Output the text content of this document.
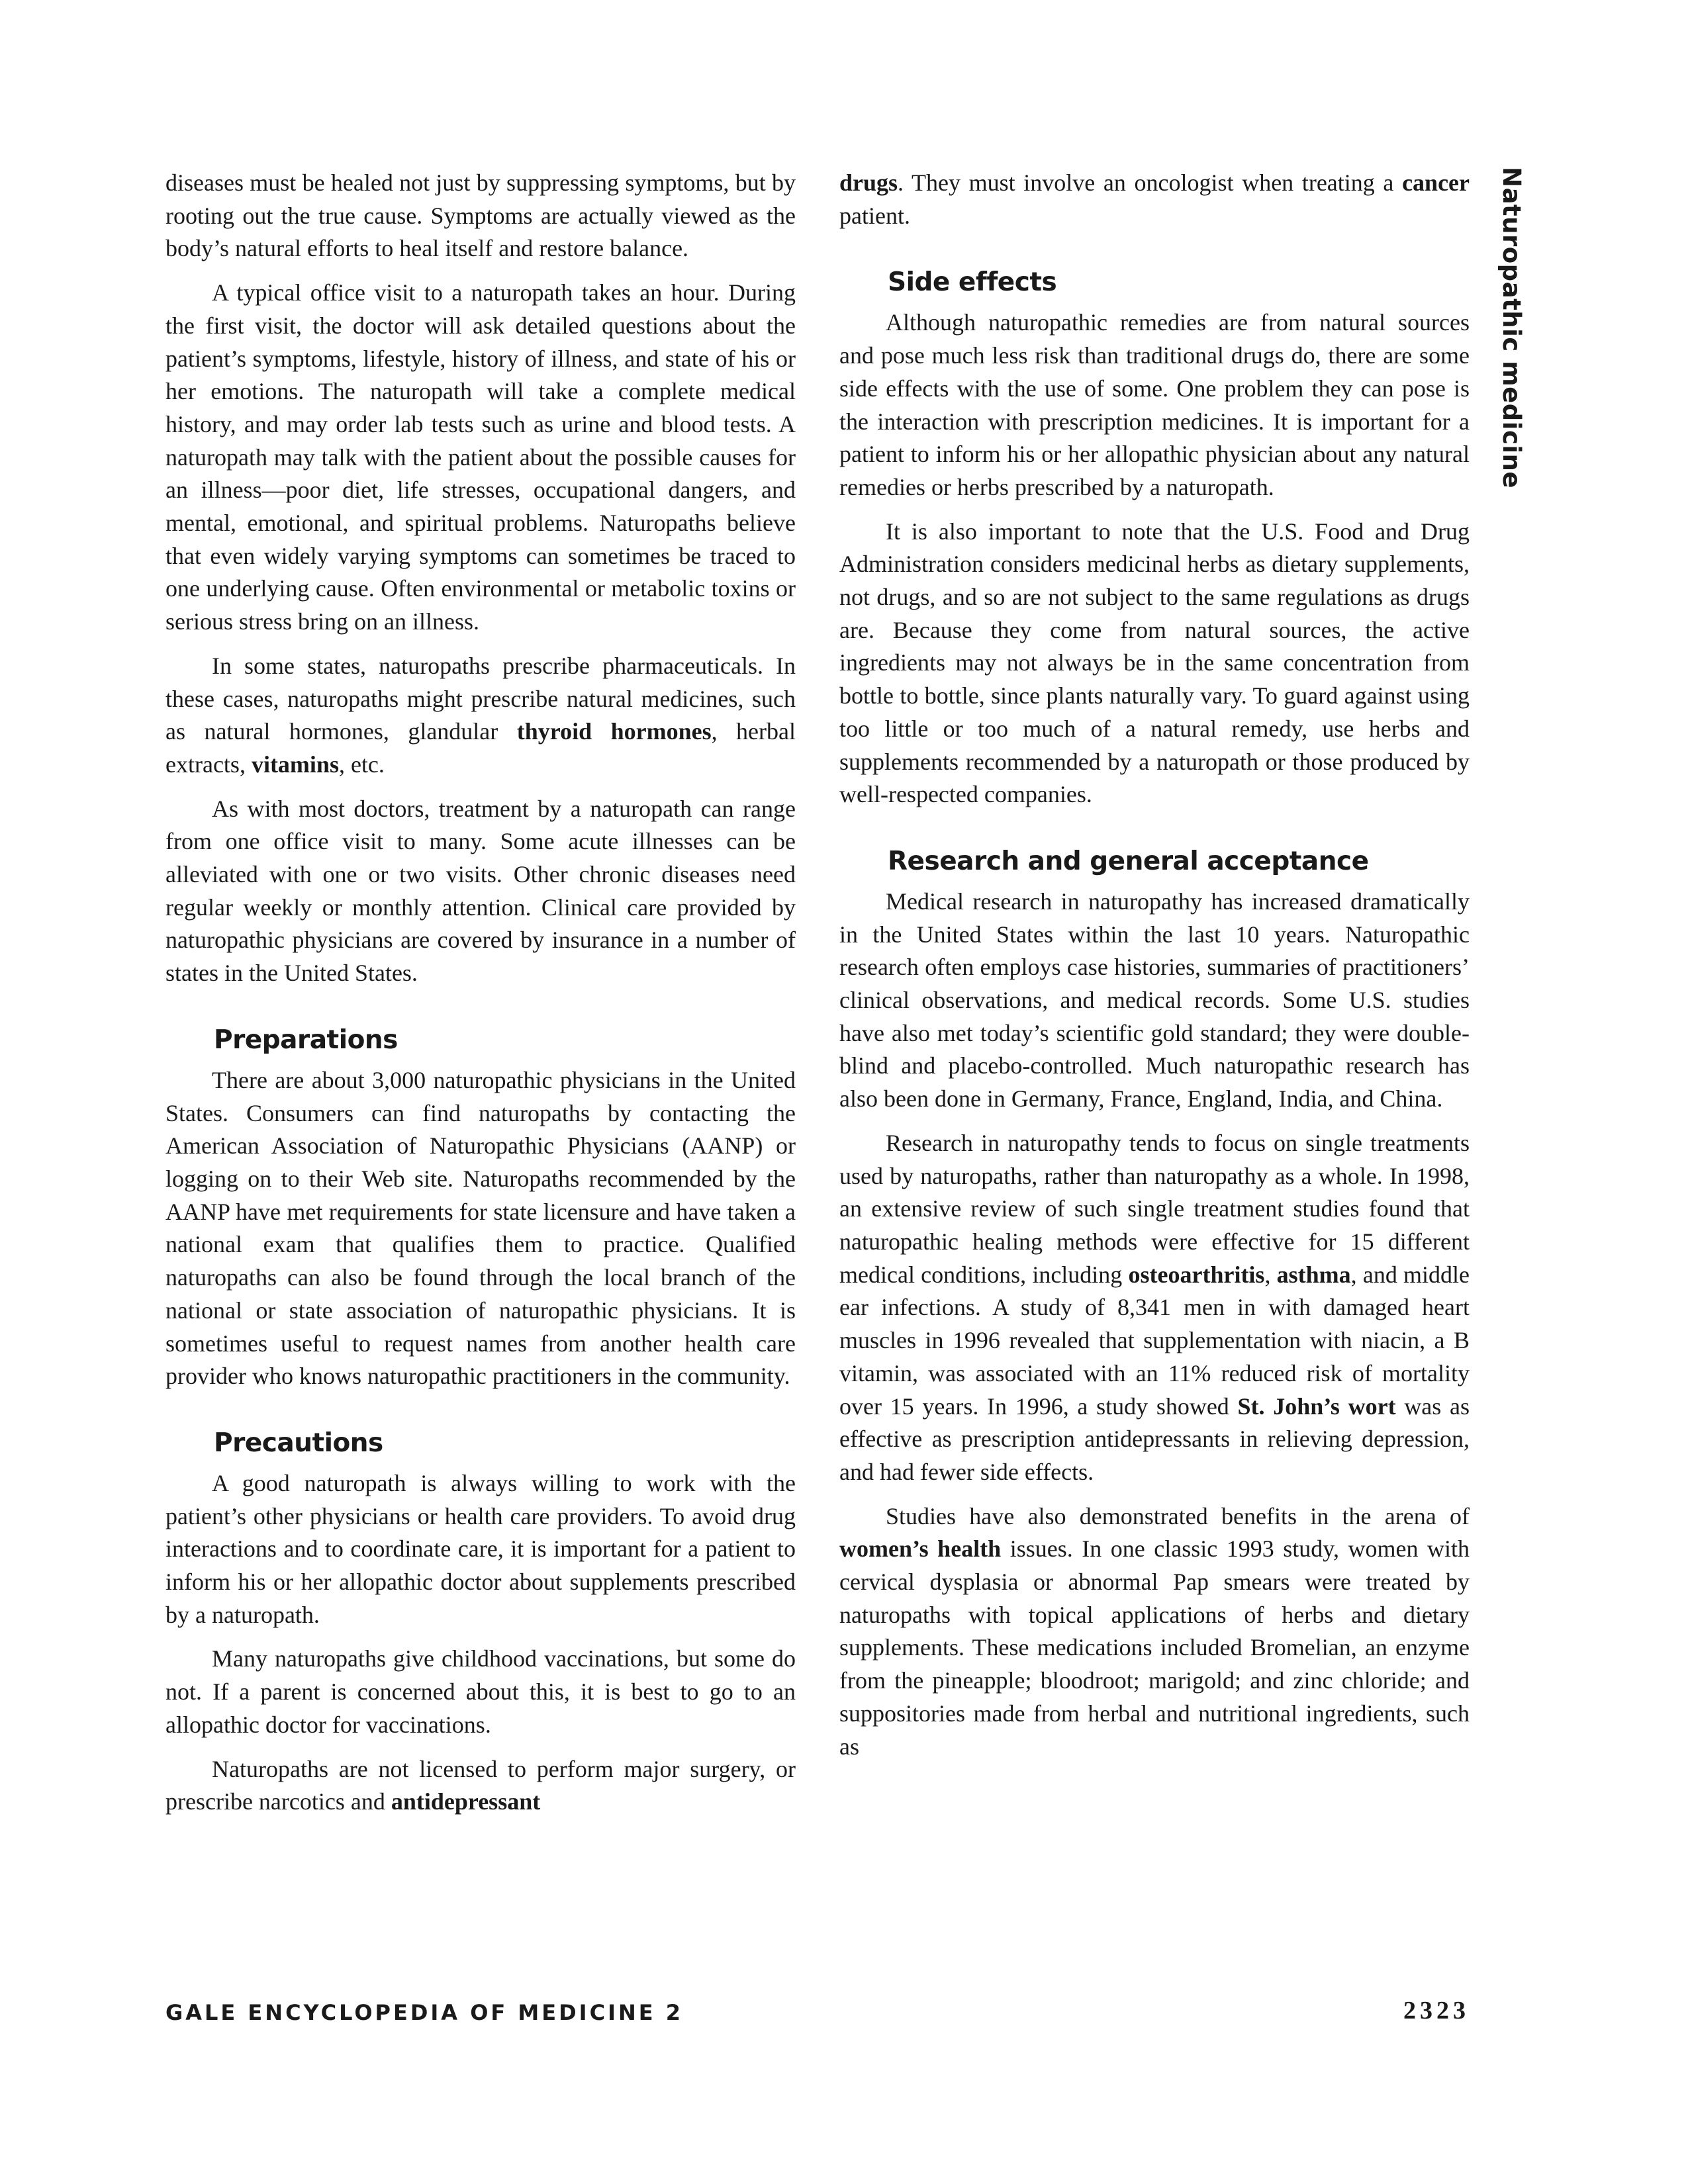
Naturopathic medicine

diseases must be healed not just by suppressing symptoms, but by rooting out the true cause. Symptoms are actually viewed as the body’s natural efforts to heal itself and restore balance.

A typical office visit to a naturopath takes an hour. During the first visit, the doctor will ask detailed questions about the patient’s symptoms, lifestyle, history of illness, and state of his or her emotions. The naturopath will take a complete medical history, and may order lab tests such as urine and blood tests. A naturopath may talk with the patient about the possible causes for an illness—poor diet, life stresses, occupational dangers, and mental, emotional, and spiritual problems. Naturopaths believe that even widely varying symptoms can sometimes be traced to one underlying cause. Often environmental or metabolic toxins or serious stress bring on an illness.

In some states, naturopaths prescribe pharmaceuticals. In these cases, naturopaths might prescribe natural medicines, such as natural hormones, glandular thyroid hormones, herbal extracts, vitamins, etc.

As with most doctors, treatment by a naturopath can range from one office visit to many. Some acute illnesses can be alleviated with one or two visits. Other chronic diseases need regular weekly or monthly attention. Clinical care provided by naturopathic physicians are covered by insurance in a number of states in the United States.

Preparations

There are about 3,000 naturopathic physicians in the United States. Consumers can find naturopaths by contacting the American Association of Naturopathic Physicians (AANP) or logging on to their Web site. Naturopaths recommended by the AANP have met requirements for state licensure and have taken a national exam that qualifies them to practice. Qualified naturopaths can also be found through the local branch of the national or state association of naturopathic physicians. It is sometimes useful to request names from another health care provider who knows naturopathic practitioners in the community.

Precautions

A good naturopath is always willing to work with the patient’s other physicians or health care providers. To avoid drug interactions and to coordinate care, it is important for a patient to inform his or her allopathic doctor about supplements prescribed by a naturopath.

Many naturopaths give childhood vaccinations, but some do not. If a parent is concerned about this, it is best to go to an allopathic doctor for vaccinations.

Naturopaths are not licensed to perform major surgery, or prescribe narcotics and antidepressant

drugs. They must involve an oncologist when treating a cancer patient.

Side effects

Although naturopathic remedies are from natural sources and pose much less risk than traditional drugs do, there are some side effects with the use of some. One problem they can pose is the interaction with prescription medicines. It is important for a patient to inform his or her allopathic physician about any natural remedies or herbs prescribed by a naturopath.

It is also important to note that the U.S. Food and Drug Administration considers medicinal herbs as dietary supplements, not drugs, and so are not subject to the same regulations as drugs are. Because they come from natural sources, the active ingredients may not always be in the same concentration from bottle to bottle, since plants naturally vary. To guard against using too little or too much of a natural remedy, use herbs and supplements recommended by a naturopath or those produced by well-respected companies.

Research and general acceptance

Medical research in naturopathy has increased dramatically in the United States within the last 10 years. Naturopathic research often employs case histories, summaries of practitioners’ clinical observations, and medical records. Some U.S. studies have also met today’s scientific gold standard; they were double-blind and placebo-controlled. Much naturopathic research has also been done in Germany, France, England, India, and China.

Research in naturopathy tends to focus on single treatments used by naturopaths, rather than naturopathy as a whole. In 1998, an extensive review of such single treatment studies found that naturopathic healing methods were effective for 15 different medical conditions, including osteoarthritis, asthma, and middle ear infections. A study of 8,341 men in with damaged heart muscles in 1996 revealed that supplementation with niacin, a B vitamin, was associated with an 11% reduced risk of mortality over 15 years. In 1996, a study showed St. John’s wort was as effective as prescription antidepressants in relieving depression, and had fewer side effects.

Studies have also demonstrated benefits in the arena of women’s health issues. In one classic 1993 study, women with cervical dysplasia or abnormal Pap smears were treated by naturopaths with topical applications of herbs and dietary supplements. These medications included Bromelian, an enzyme from the pineapple; bloodroot; marigold; and zinc chloride; and suppositories made from herbal and nutritional ingredients, such as

GALE ENCYCLOPEDIA OF MEDICINE 2	2323
